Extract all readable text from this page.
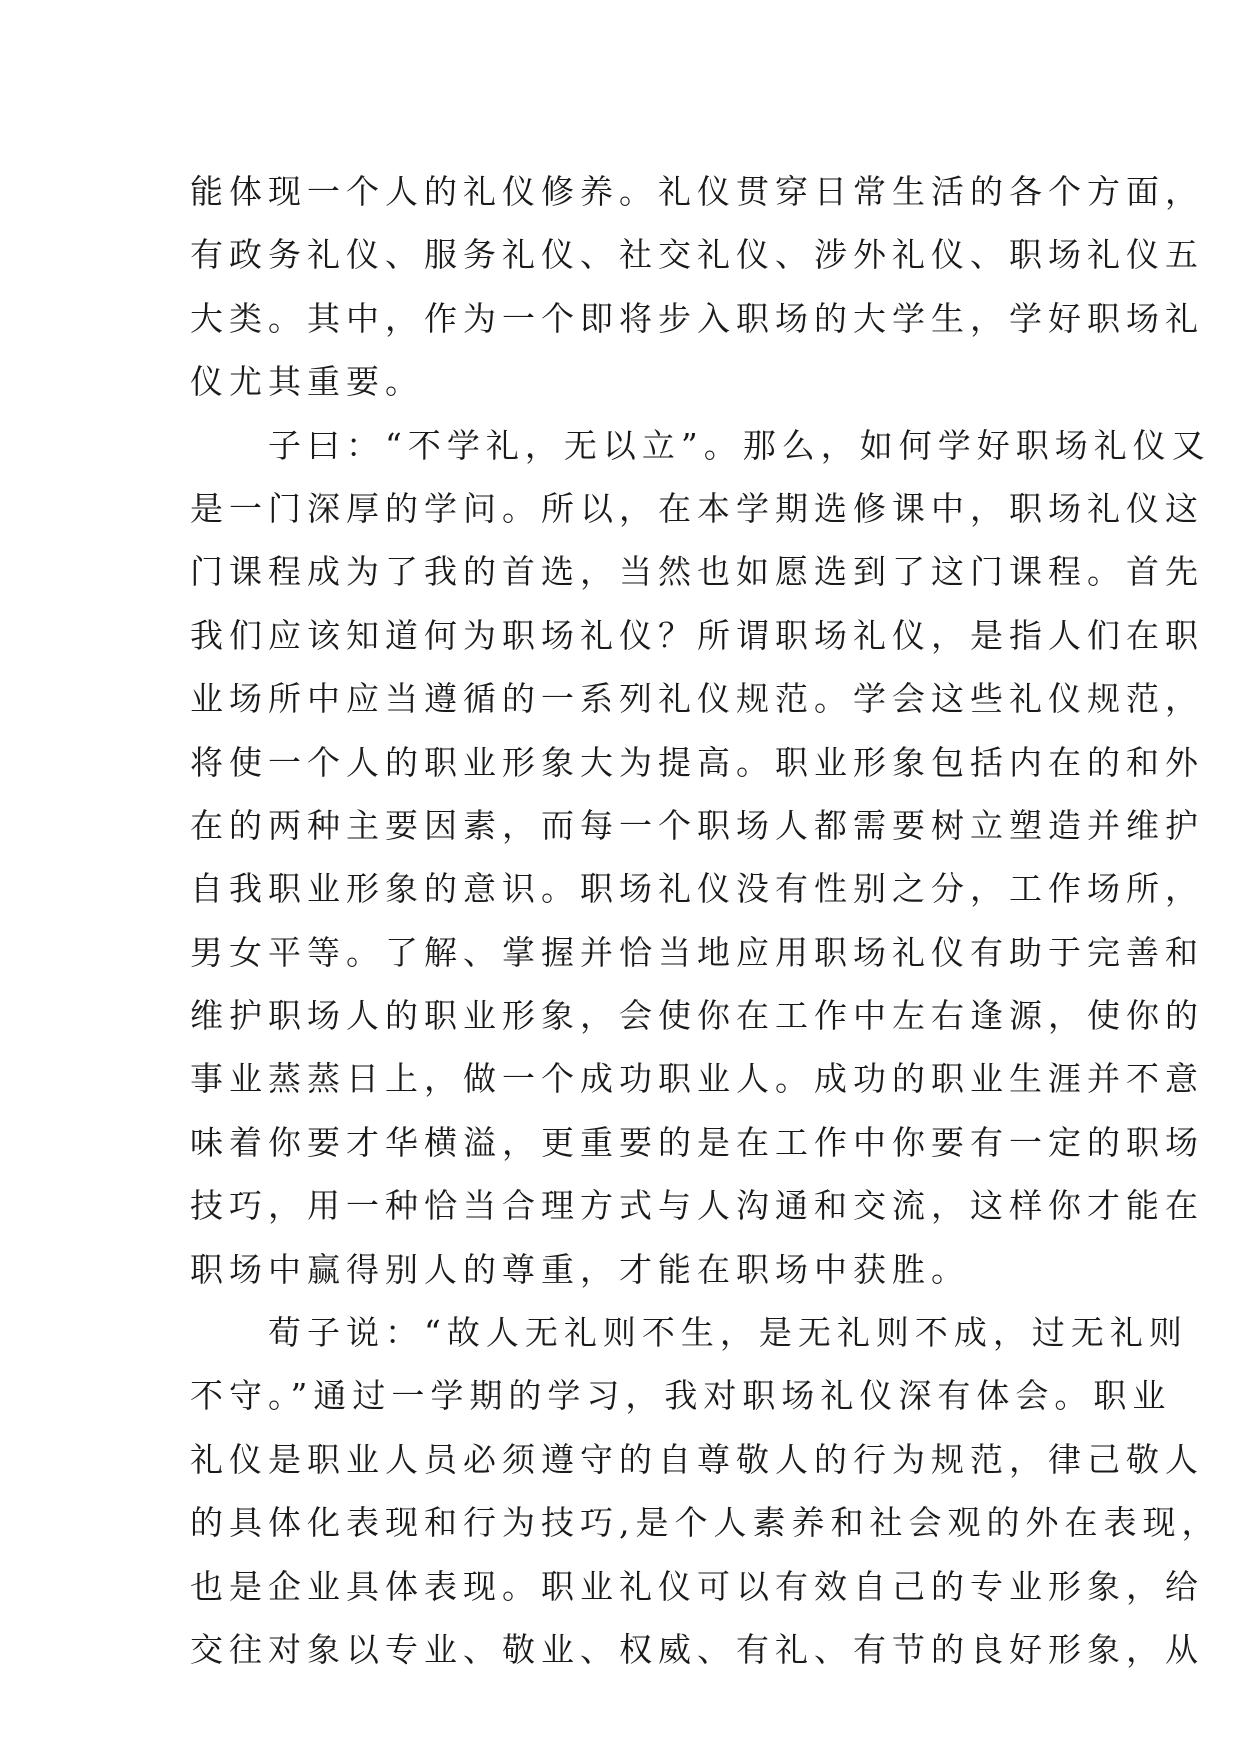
能体现一个人的礼仪修养。礼仪贯穿日常生活的各个方面，
有政务礼仪、服务礼仪、社交礼仪、涉外礼仪、职场礼仪五
大类。其中，作为一个即将步入职场的大学生，学好职场礼
仪尤其重要。
　　子曰：“不学礼，无以立”。那么，如何学好职场礼仪又
是一门深厚的学问。所以，在本学期选修课中，职场礼仪这
门课程成为了我的首选，当然也如愿选到了这门课程。首先
我们应该知道何为职场礼仪？所谓职场礼仪，是指人们在职
业场所中应当遵循的一系列礼仪规范。学会这些礼仪规范，
将使一个人的职业形象大为提高。职业形象包括内在的和外
在的两种主要因素，而每一个职场人都需要树立塑造并维护
自我职业形象的意识。职场礼仪没有性别之分，工作场所，
男女平等。了解、掌握并恰当地应用职场礼仪有助于完善和
维护职场人的职业形象，会使你在工作中左右逢源，使你的
事业蒸蒸日上，做一个成功职业人。成功的职业生涯并不意
味着你要才华横溢，更重要的是在工作中你要有一定的职场
技巧，用一种恰当合理方式与人沟通和交流，这样你才能在
职场中赢得别人的尊重，才能在职场中获胜。
　　荀子说：“故人无礼则不生，是无礼则不成，过无礼则
不守。”通过一学期的学习，我对职场礼仪深有体会。职业
礼仪是职业人员必须遵守的自尊敬人的行为规范，律己敬人
的具体化表现和行为技巧,是个人素养和社会观的外在表现，
也是企业具体表现。职业礼仪可以有效自己的专业形象，给
交往对象以专业、敬业、权威、有礼、有节的良好形象，从
